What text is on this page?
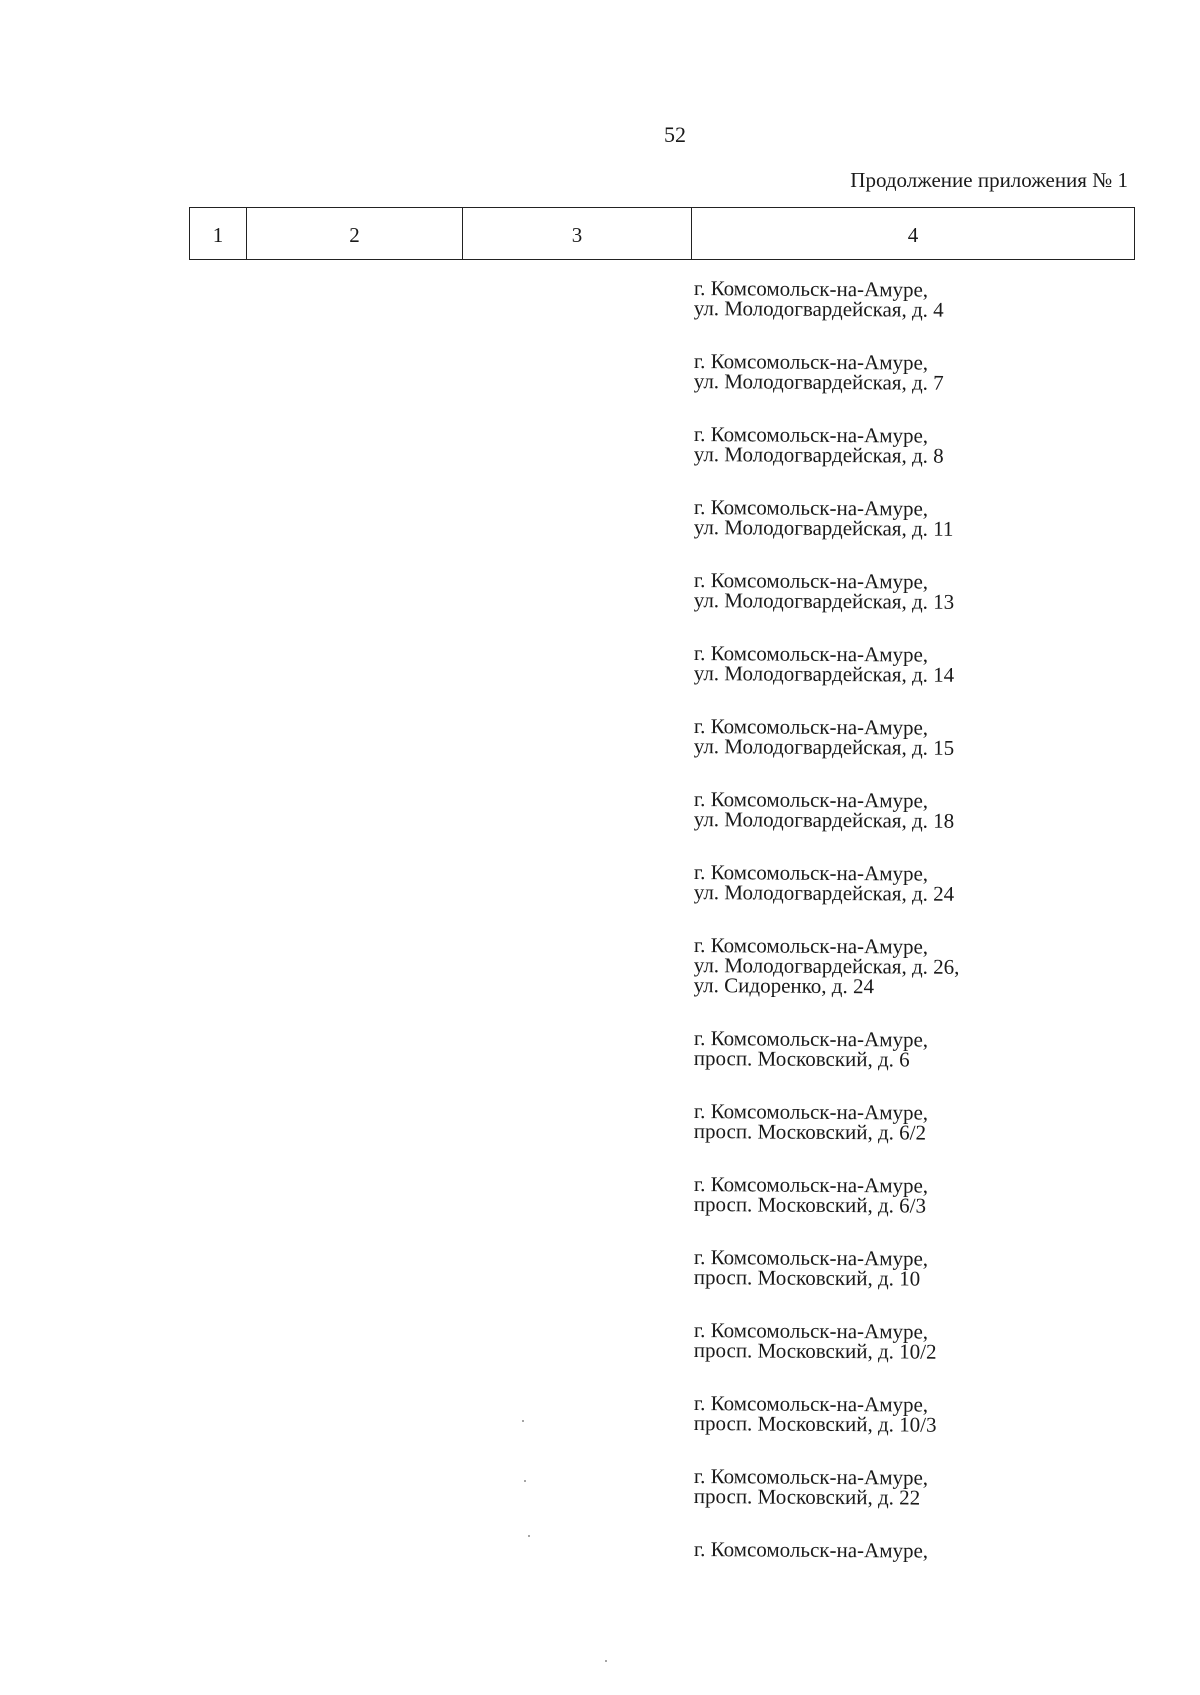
52
Продолжение приложения № 1
1	2	3	4
г. Комсомольск-на-Амуре,
ул. Молодогвардейская, д. 4
г. Комсомольск-на-Амуре,
ул. Молодогвардейская, д. 7
г. Комсомольск-на-Амуре,
ул. Молодогвардейская, д. 8
г. Комсомольск-на-Амуре,
ул. Молодогвардейская, д. 11
г. Комсомольск-на-Амуре,
ул. Молодогвардейская, д. 13
г. Комсомольск-на-Амуре,
ул. Молодогвардейская, д. 14
г. Комсомольск-на-Амуре,
ул. Молодогвардейская, д. 15
г. Комсомольск-на-Амуре,
ул. Молодогвардейская, д. 18
г. Комсомольск-на-Амуре,
ул. Молодогвардейская, д. 24
г. Комсомольск-на-Амуре,
ул. Молодогвардейская, д. 26,
ул. Сидоренко, д. 24
г. Комсомольск-на-Амуре,
просп. Московский, д. 6
г. Комсомольск-на-Амуре,
просп. Московский, д. 6/2
г. Комсомольск-на-Амуре,
просп. Московский, д. 6/3
г. Комсомольск-на-Амуре,
просп. Московский, д. 10
г. Комсомольск-на-Амуре,
просп. Московский, д. 10/2
г. Комсомольск-на-Амуре,
просп. Московский, д. 10/3
г. Комсомольск-на-Амуре,
просп. Московский, д. 22
г. Комсомольск-на-Амуре,
